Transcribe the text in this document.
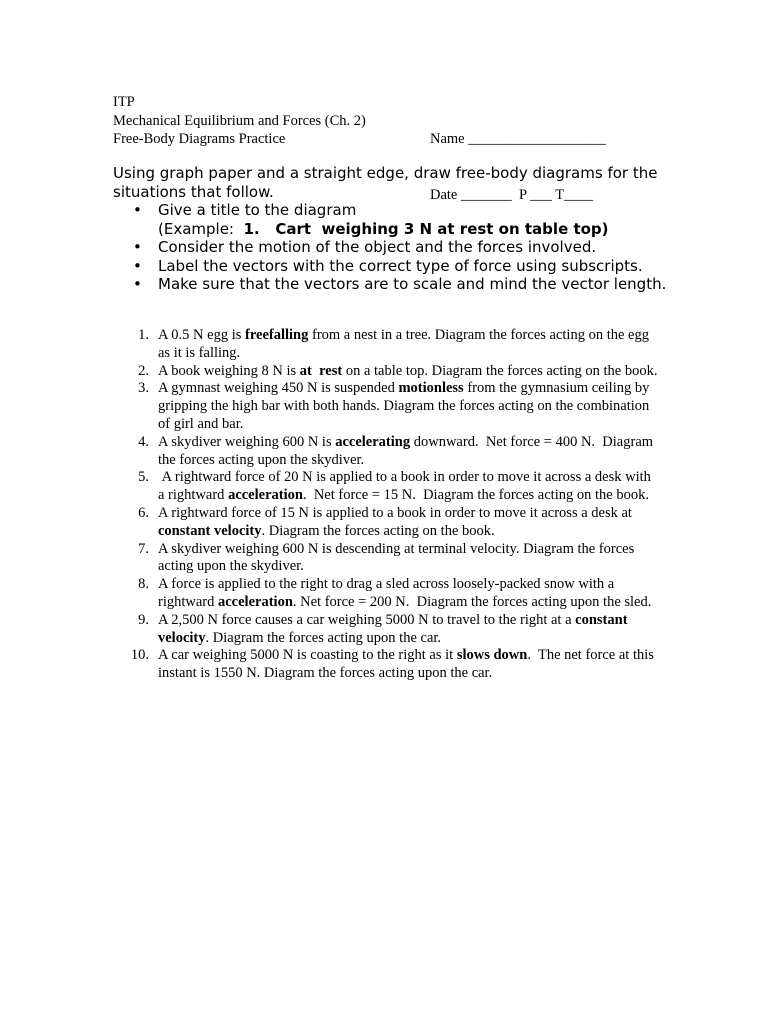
ITP
Mechanical Equilibrium and Forces (Ch. 2)
Free-Body Diagrams Practice

	Name ___________________

Date _______  P ___ T____

Using graph paper and a straight edge, draw free-body diagrams for the situations that follow.
• Give a title to the diagram
(Example:  1.   Cart  weighing 3 N at rest on table top)
• Consider the motion of the object and the forces involved.
• Label the vectors with the correct type of force using subscripts.
• Make sure that the vectors are to scale and mind the vector length.
1. A 0.5 N egg is freefalling from a nest in a tree. Diagram the forces acting on the egg as it is falling.
2. A book weighing 8 N is at  rest on a table top. Diagram the forces acting on the book.
3. A gymnast weighing 450 N is suspended motionless from the gymnasium ceiling by gripping the high bar with both hands. Diagram the forces acting on the combination of girl and bar.
4. A skydiver weighing 600 N is accelerating downward.  Net force = 400 N.  Diagram the forces acting upon the skydiver.
5. A rightward force of 20 N is applied to a book in order to move it across a desk with a rightward acceleration.  Net force = 15 N.  Diagram the forces acting on the book.
6. A rightward force of 15 N is applied to a book in order to move it across a desk at constant velocity. Diagram the forces acting on the book.
7. A skydiver weighing 600 N is descending at terminal velocity. Diagram the forces acting upon the skydiver.
8. A force is applied to the right to drag a sled across loosely-packed snow with a rightward acceleration. Net force = 200 N.  Diagram the forces acting upon the sled.
9. A 2,500 N force causes a car weighing 5000 N to travel to the right at a constant velocity. Diagram the forces acting upon the car.
10. A car weighing 5000 N is coasting to the right as it slows down.  The net force at this instant is 1550 N. Diagram the forces acting upon the car.
